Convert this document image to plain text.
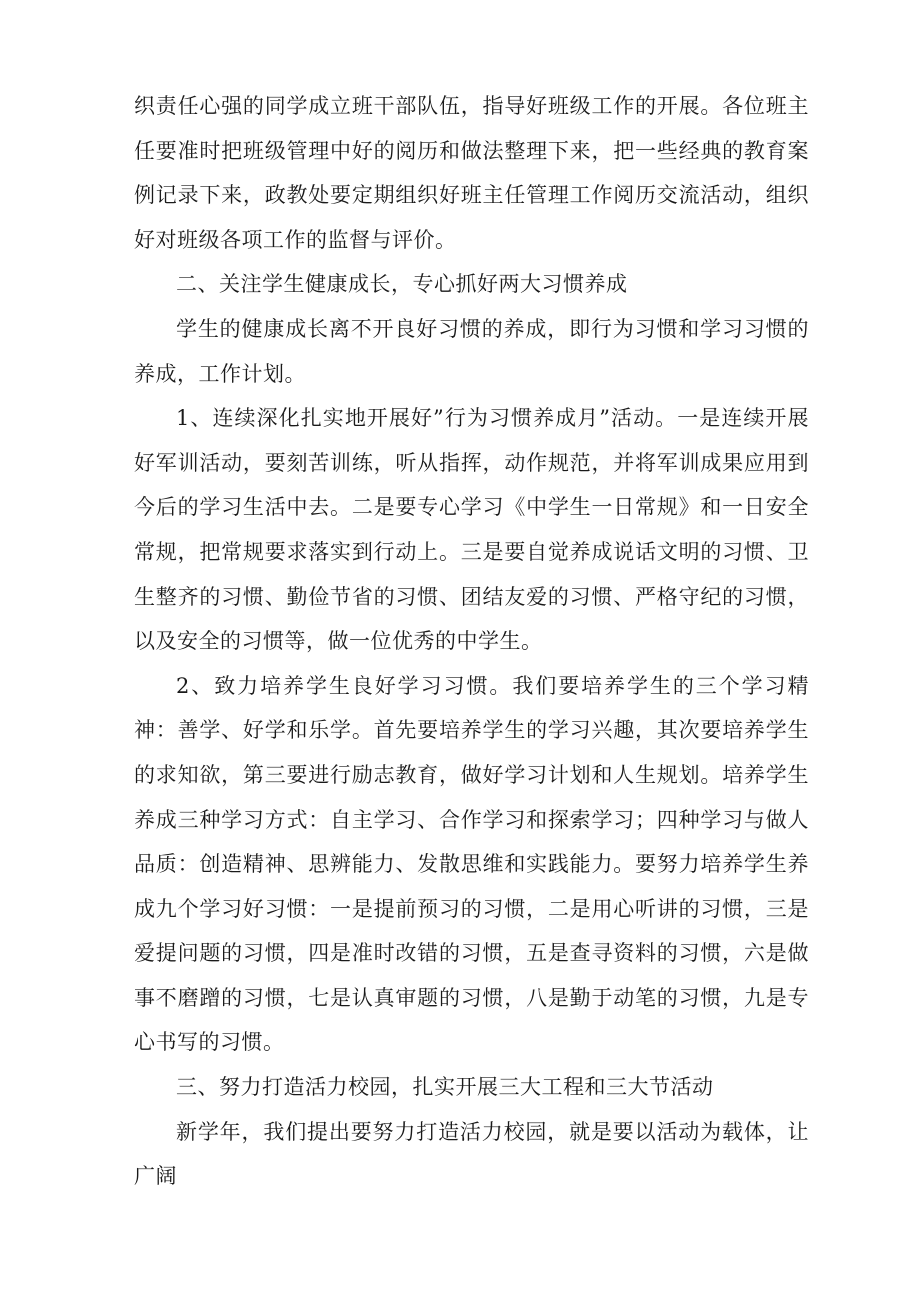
织责任心强的同学成立班干部队伍，指导好班级工作的开展。各位班主任要准时把班级管理中好的阅历和做法整理下来，把一些经典的教育案例记录下来，政教处要定期组织好班主任管理工作阅历交流活动，组织好对班级各项工作的监督与评价。

二、关注学生健康成长，专心抓好两大习惯养成

学生的健康成长离不开良好习惯的养成，即行为习惯和学习习惯的养成，工作计划。

1、连续深化扎实地开展好”行为习惯养成月”活动。一是连续开展好军训活动，要刻苦训练，听从指挥，动作规范，并将军训成果应用到今后的学习生活中去。二是要专心学习《中学生一日常规》和一日安全常规，把常规要求落实到行动上。三是要自觉养成说话文明的习惯、卫生整齐的习惯、勤俭节省的习惯、团结友爱的习惯、严格守纪的习惯，以及安全的习惯等，做一位优秀的中学生。

2、致力培养学生良好学习习惯。我们要培养学生的三个学习精神：善学、好学和乐学。首先要培养学生的学习兴趣，其次要培养学生的求知欲，第三要进行励志教育，做好学习计划和人生规划。培养学生养成三种学习方式：自主学习、合作学习和探索学习；四种学习与做人品质：创造精神、思辨能力、发散思维和实践能力。要努力培养学生养成九个学习好习惯：一是提前预习的习惯，二是用心听讲的习惯，三是爱提问题的习惯，四是准时改错的习惯，五是查寻资料的习惯，六是做事不磨蹭的习惯，七是认真审题的习惯，八是勤于动笔的习惯，九是专心书写的习惯。

三、努力打造活力校园，扎实开展三大工程和三大节活动

新学年，我们提出要努力打造活力校园，就是要以活动为载体，让广阔
